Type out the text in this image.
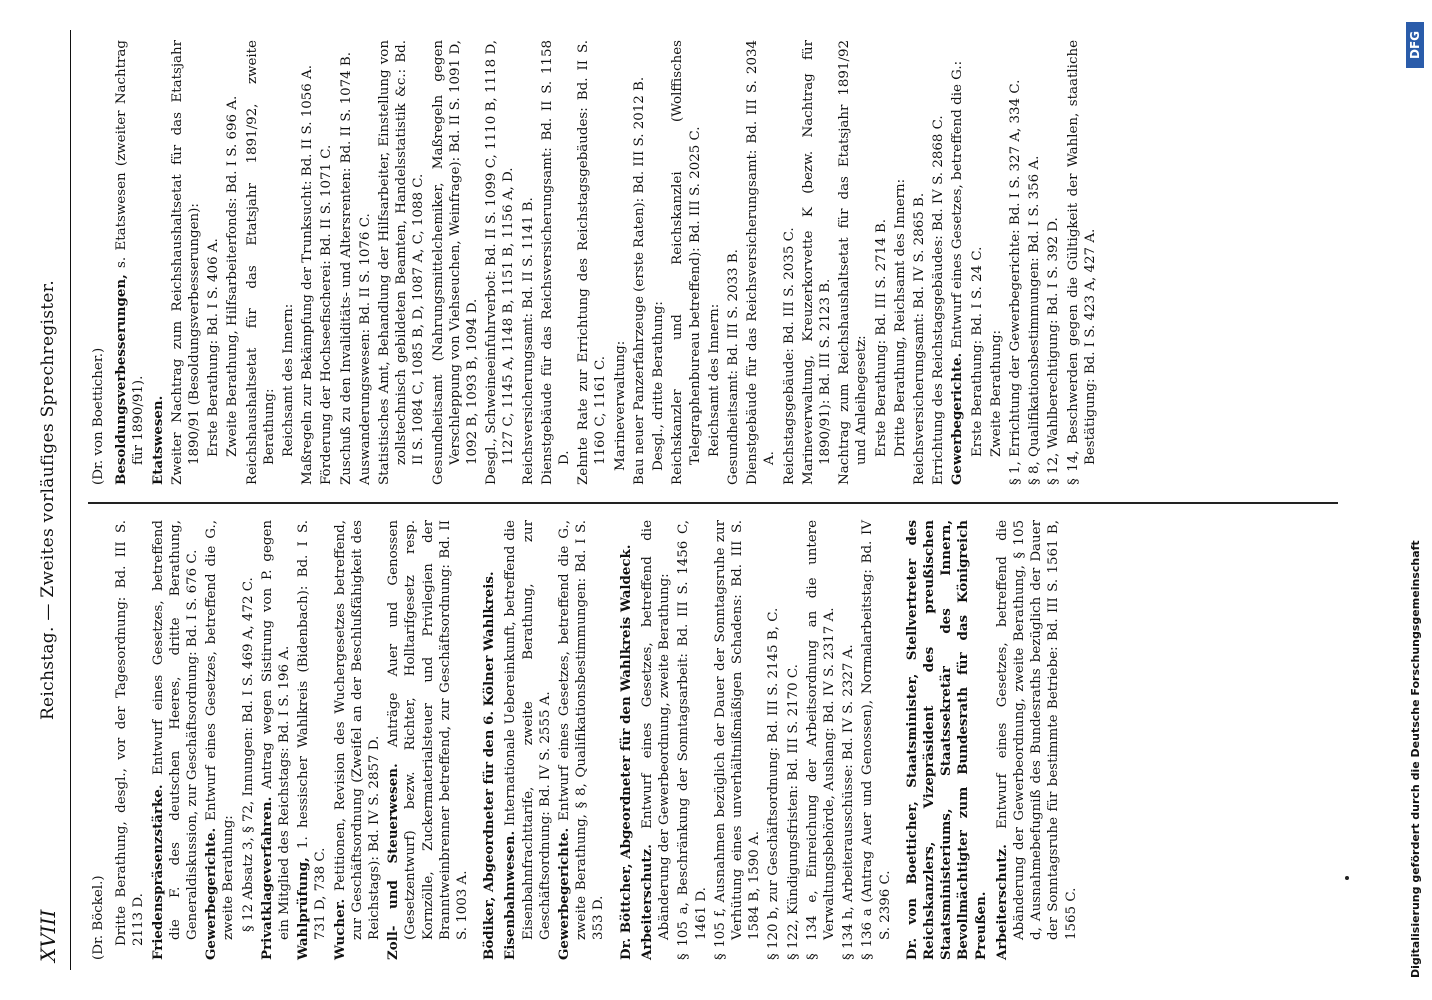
XVIII
Reichstag. — Zweites vorläufiges Sprechregister.

(Dr. Böckel.) Dritte Berathung, desgl., vor der Tagesordnung: Bd. III S. 2113 D. Friedenspräsenzstärke. Entwurf eines Gesetzes, betreffend die F. des deutschen Heeres, dritte Berathung, Generaldiskussion, zur Geschäftsordnung: Bd. I S. 676 C. Gewerbegerichte. Entwurf eines Gesetzes, betreffend die G., zweite Berathung: § 12 Absatz 3, § 72, Innungen: Bd. I S. 469 A, 472 C. Privatklageverfahren. Antrag wegen Sistirung von P. gegen ein Mitglied des Reichstags: Bd. I S. 196 A. Wahlprüfung, 1. hessischer Wahlkreis (Bidenbach): Bd. I S. 731 D, 738 C. Wucher. Petitionen, Revision des Wuchergesetzes betreffend, zur Geschäftsordnung (Zweifel an der Beschlußfähigkeit des Reichstags): Bd. IV S. 2857 D. Zoll- und Steuerwesen. Anträge Auer und Genossen (Gesetzentwurf) bezw. Richter, Holltarifgesetz resp. Kornzölle, Zuckermaterialsteuer und Privilegien der Branntweinbrenner betreffend, zur Geschäftsordnung: Bd. II S. 1003 A. Bödiker, Abgeordneter für den 6. Kölner Wahlkreis. Eisenbahnwesen. Internationale Uebereinkunft, betreffend die Eisenbahnfrachttarife, zweite Berathung, zur Geschäftsordnung: Bd. IV S. 2555 A. Gewerbegerichte. Entwurf eines Gesetzes, betreffend die G., zweite Berathung, § 8, Qualifikationsbestimmungen: Bd. I S. 353 D. Dr. Böttcher, Abgeordneter für den Wahlkreis Waldeck. Arbeiterschutz. Entwurf eines Gesetzes, betreffend die Abänderung der Gewerbeordnung, zweite Berathung: § 105 a, Beschränkung der Sonntagsarbeit: Bd. III S. 1456 C, 1461 D. § 105 f, Ausnahmen bezüglich der Dauer der Sonntagsruhe zur Verhütung eines unverhältnißmäßigen Schadens: Bd. III S. 1584 B, 1590 A. § 120 b, zur Geschäftsordnung: Bd. III S. 2145 B, C. § 122, Kündigungsfristen: Bd. III S. 2170 C. § 134 e, Einreichung der Arbeitsordnung an die untere Verwaltungsbehörde, Aushang: Bd. IV S. 2317 A. § 134 h, Arbeiterausschüsse: Bd. IV S. 2327 A. § 136 a (Antrag Auer und Genossen), Normalarbeitstag: Bd. IV S. 2396 C. Dr. von Boetticher, Staatsminister, Stellvertreter des Reichskanzlers, Vizepräsident des preußischen Staatsministeriums, Staatssekretär des Innern, Bevollmächtigter zum Bundesrath für das Königreich Preußen. Arbeiterschutz. Entwurf eines Gesetzes, betreffend die Abänderung der Gewerbeordnung, zweite Berathung, § 105 d, Ausnahmebefugniß des Bundesraths bezüglich der Dauer der Sonntagsruhe für bestimmte Betriebe: Bd. III S. 1561 B, 1565 C.

(Dr. von Boetticher.) Besoldungsverbesserungen, s. Etatswesen (zweiter Nachtrag für 1890/91). Etatswesen. Zweiter Nachtrag zum Reichshaushaltsetat für das Etatsjahr 1890/91 (Besoldungsverbesserungen): Erste Berathung: Bd. I S. 406 A. Zweite Berathung, Hilfsarbeiterfonds: Bd. I S. 696 A. Reichshaushaltsetat für das Etatsjahr 1891/92, zweite Berathung: Reichsamt des Innern: Maßregeln zur Bekämpfung der Trunksucht: Bd. II S. 1056 A. Förderung der Hochseefischerei: Bd. II S. 1071 C. Zuschuß zu den Invaliditäts- und Altersrenten: Bd. II S. 1074 B. Auswanderungswesen: Bd. II S. 1076 C. Statistisches Amt, Behandlung der Hilfsarbeiter, Einstellung von zollstechnisch gebildeten Beamten, Handelsstatistik &c.: Bd. II S. 1084 C, 1085 B, D, 1087 A, C, 1088 C. Gesundheitsamt (Nahrungsmittelchemiker, Maßregeln gegen Verschleppung von Viehseuchen, Weinfrage): Bd. II S. 1091 D, 1092 B, 1093 B, 1094 D. Desgl., Schweineeinfuhrverbot: Bd. II S. 1099 C, 1110 B, 1118 D, 1127 C, 1145 A, 1148 B, 1151 B, 1156 A, D. Reichsversicherungsamt: Bd. II S. 1141 B. Dienstgebäude für das Reichsversicherungsamt: Bd. II S. 1158 D. Zehnte Rate zur Errichtung des Reichstagsgebäudes: Bd. II S. 1160 C, 1161 C. Marineverwaltung: Bau neuer Panzerfahrzeuge (erste Raten): Bd. III S. 2012 B. Desgl., dritte Berathung: Reichskanzler und Reichskanzlei (Wolffisches Telegraphenbureau betreffend): Bd. III S. 2025 C. Reichsamt des Innern: Gesundheitsamt: Bd. III S. 2033 B. Dienstgebäude für das Reichsversicherungsamt: Bd. III S. 2034 A. Reichstagsgebäude: Bd. III S. 2035 C. Marineverwaltung, Kreuzerkorvette K (bezw. Nachtrag für 1890/91): Bd. III S. 2123 B. Nachtrag zum Reichshaushaltsetat für das Etatsjahr 1891/92 und Anleihegesetz: Erste Berathung: Bd. III S. 2714 B. Dritte Berathung, Reichsamt des Innern: Reichsversicherungsamt: Bd. IV S. 2865 B. Errichtung des Reichstagsgebäudes: Bd. IV S. 2868 C. Gewerbegerichte. Entwurf eines Gesetzes, betreffend die G.:

Erste Berathung: Bd. I S. 24 C. Zweite Berathung: § 1, Errichtung der Gewerbegerichte: Bd. I S. 327 A, 334 C. § 8, Qualifikationsbestimmungen: Bd. I S. 356 A. § 12, Wahlberechtigung: Bd. I S. 392 D. § 14, Beschwerden gegen die Gültigkeit der Wahlen, staatliche Bestätigung: Bd. I S. 423 A, 427 A.

Digitalisierung gefördert durch die Deutsche Forschungsgemeinschaft
DFG
